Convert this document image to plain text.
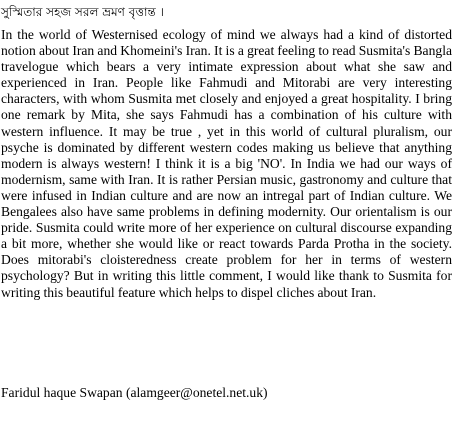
সুস্মিতার সহজ সরল ভ্রমণ বৃত্তান্ত ।

In the world of Westernised ecology of mind we always had a kind of distorted notion about Iran and Khomeini's Iran. It is a great feeling to read Susmita's Bangla travelogue which bears a very intimate expression about what she saw and experienced in Iran. People like Fahmudi and Mitorabi are very interesting characters, with whom Susmita met closely and enjoyed a great hospitality. I bring one remark by Mita, she says Fahmudi has a combination of his culture with western influence. It may be true , yet in this world of cultural pluralism, our psyche is dominated by different western codes making us believe that anything modern is always western! I think it is a big 'NO'. In India we had our ways of modernism, same with Iran. It is rather Persian music, gastronomy and culture that were infused in Indian culture and are now an intregal part of Indian culture. We Bengalees also have same problems in defining modernity. Our orientalism is our pride. Susmita could write more of her experience on cultural discourse expanding a bit more, whether she would like or react towards Parda Protha in the society. Does mitorabi's cloisteredness create problem for her in terms of western psychology? But in writing this little comment, I would like thank to Susmita for writing this beautiful feature which helps to dispel cliches about Iran.

Faridul haque Swapan (alamgeer@onetel.net.uk)
